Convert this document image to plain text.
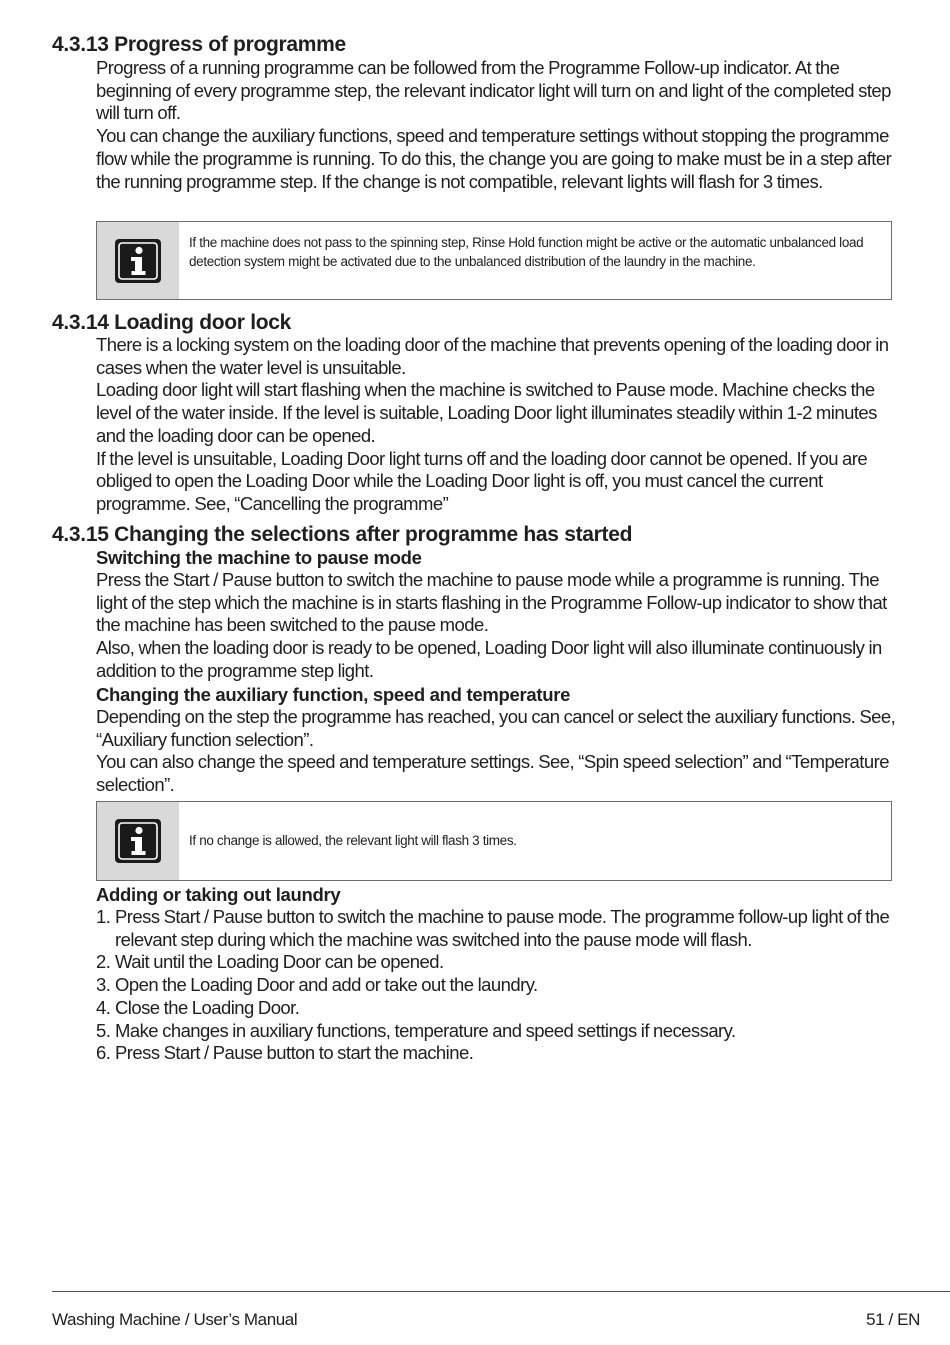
4.3.13 Progress of programme

Progress of a running programme can be followed from the Programme Follow-up indicator. At the beginning of every programme step, the relevant indicator light will turn on and light of the completed step will turn off.

You can change the auxiliary functions, speed and temperature settings without stopping the programme flow while the programme is running. To do this, the change you are going to make must be in a step after the running programme step. If the change is not compatible, relevant lights will flash for 3 times.

If the machine does not pass to the spinning step, Rinse Hold function might be active or the automatic unbalanced load detection system might be activated due to the unbalanced distribution of the laundry in the machine.
4.3.14 Loading door lock

There is a locking system on the loading door of the machine that prevents opening of the loading door in cases when the water level is unsuitable.

Loading door light will start flashing when the machine is switched to Pause mode. Machine checks the level of the water inside. If the level is suitable, Loading Door light illuminates steadily within 1-2 minutes and the loading door can be opened.

If the level is unsuitable, Loading Door light turns off and the loading door cannot be opened. If you are obliged to open the Loading Door while the Loading Door light is off, you must cancel the current programme. See, “Cancelling the programme”

4.3.15 Changing the selections after programme has started
Switching the machine to pause mode

Press the Start / Pause button to switch the machine to pause mode while a programme is running. The light of the step which the machine is in starts flashing in the Programme Follow-up indicator to show that the machine has been switched to the pause mode.

Also, when the loading door is ready to be opened, Loading Door light will also illuminate continuously in addition to the programme step light.

Changing the auxiliary function, speed and temperature

Depending on the step the programme has reached, you can cancel or select the auxiliary functions. See, “Auxiliary function selection”.

You can also change the speed and temperature settings. See, “Spin speed selection” and “Temperature selection”.

If no change is allowed, the relevant light will flash 3 times.
Adding or taking out laundry
1. Press Start / Pause button to switch the machine to pause mode. The programme follow-up light of the relevant step during which the machine was switched into the pause mode will flash.
2. Wait until the Loading Door can be opened.
3. Open the Loading Door and add or take out the laundry.
4. Close the Loading Door.
5. Make changes in auxiliary functions, temperature and speed settings if necessary.
6. Press Start / Pause button to start the machine.
Washing Machine / User’s Manual	51 / EN
